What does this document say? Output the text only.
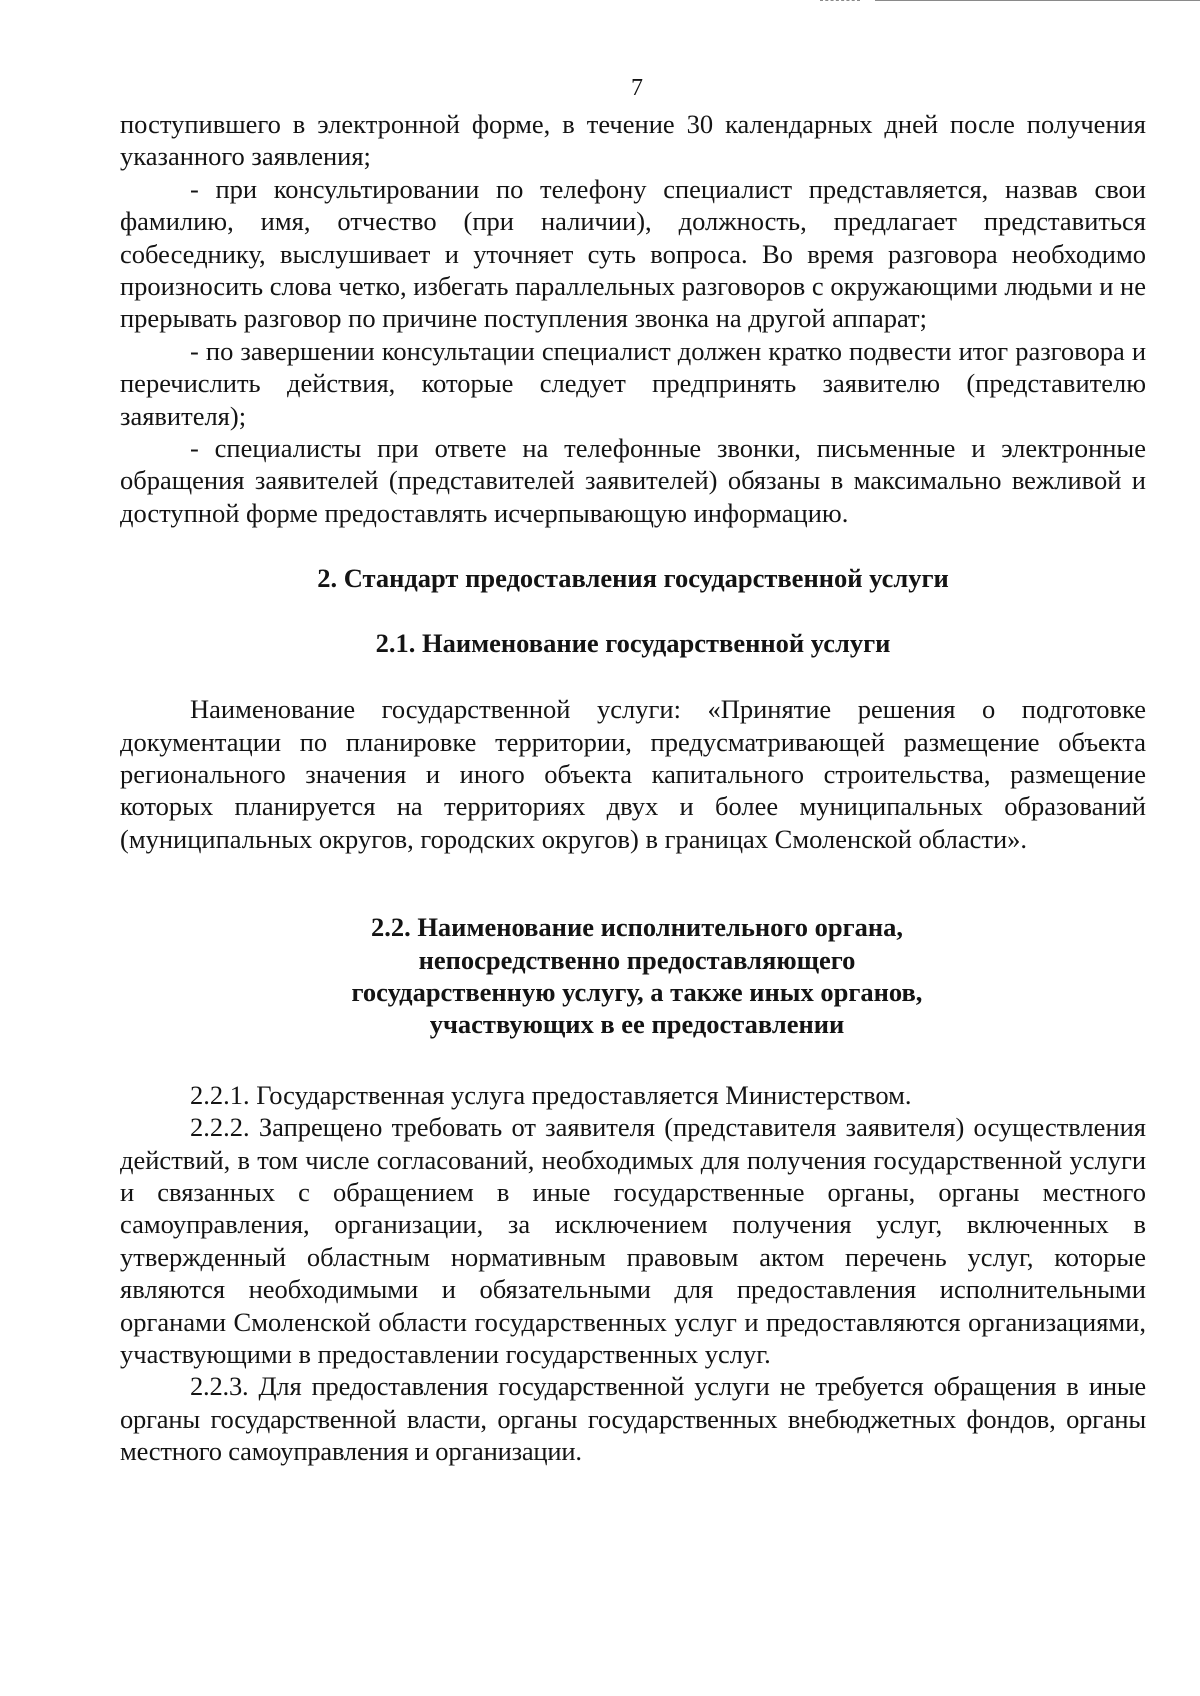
7

поступившего в электронной форме, в течение 30 календарных дней после получения указанного заявления;

- при консультировании по телефону специалист представляется, назвав свои фамилию, имя, отчество (при наличии), должность, предлагает представиться собеседнику, выслушивает и уточняет суть вопроса. Во время разговора необходимо произносить слова четко, избегать параллельных разговоров с окружающими людьми и не прерывать разговор по причине поступления звонка на другой аппарат;

- по завершении консультации специалист должен кратко подвести итог разговора и перечислить действия, которые следует предпринять заявителю (представителю заявителя);

- специалисты при ответе на телефонные звонки, письменные и электронные обращения заявителей (представителей заявителей) обязаны в максимально вежливой и доступной форме предоставлять исчерпывающую информацию.

2. Стандарт предоставления государственной услуги
2.1. Наименование государственной услуги

Наименование государственной услуги: «Принятие решения о подготовке документации по планировке территории, предусматривающей размещение объекта регионального значения и иного объекта капитального строительства, размещение которых планируется на территориях двух и более муниципальных образований (муниципальных округов, городских округов) в границах Смоленской области».

2.2. Наименование исполнительного органа,
непосредственно предоставляющего
государственную услугу, а также иных органов,
участвующих в ее предоставлении

2.2.1. Государственная услуга предоставляется Министерством.

2.2.2. Запрещено требовать от заявителя (представителя заявителя) осуществления действий, в том числе согласований, необходимых для получения государственной услуги и связанных с обращением в иные государственные органы, органы местного самоуправления, организации, за исключением получения услуг, включенных в утвержденный областным нормативным правовым актом перечень услуг, которые являются необходимыми и обязательными для предоставления исполнительными органами Смоленской области государственных услуг и предоставляются организациями, участвующими в предоставлении государственных услуг.

2.2.3. Для предоставления государственной услуги не требуется обращения в иные органы государственной власти, органы государственных внебюджетных фондов, органы местного самоуправления и организации.
